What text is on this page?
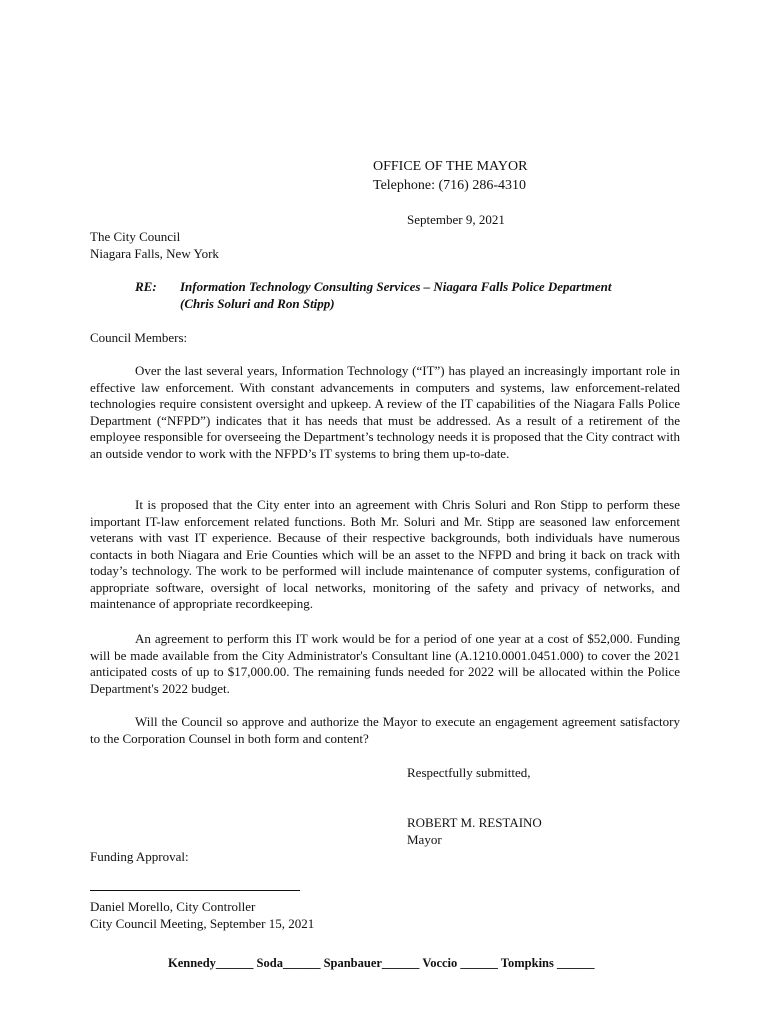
OFFICE OF THE MAYOR
Telephone: (716) 286-4310
September 9, 2021
The City Council
Niagara Falls, New York
RE: Information Technology Consulting Services – Niagara Falls Police Department
(Chris Soluri and Ron Stipp)
Council Members:

Over the last several years, Information Technology (“IT”) has played an increasingly important role in effective law enforcement. With constant advancements in computers and systems, law enforcement-related technologies require consistent oversight and upkeep. A review of the IT capabilities of the Niagara Falls Police Department (“NFPD”) indicates that it has needs that must be addressed. As a result of a retirement of the employee responsible for overseeing the Department’s technology needs it is proposed that the City contract with an outside vendor to work with the NFPD’s IT systems to bring them up-to-date.

It is proposed that the City enter into an agreement with Chris Soluri and Ron Stipp to perform these important IT-law enforcement related functions. Both Mr. Soluri and Mr. Stipp are seasoned law enforcement veterans with vast IT experience. Because of their respective backgrounds, both individuals have numerous contacts in both Niagara and Erie Counties which will be an asset to the NFPD and bring it back on track with today’s technology. The work to be performed will include maintenance of computer systems, configuration of appropriate software, oversight of local networks, monitoring of the safety and privacy of networks, and maintenance of appropriate recordkeeping.

An agreement to perform this IT work would be for a period of one year at a cost of $52,000. Funding will be made available from the City Administrator's Consultant line (A.1210.0001.0451.000) to cover the 2021 anticipated costs of up to $17,000.00. The remaining funds needed for 2022 will be allocated within the Police Department's 2022 budget.

Will the Council so approve and authorize the Mayor to execute an engagement agreement satisfactory to the Corporation Counsel in both form and content?

Respectfully submitted,
ROBERT M. RESTAINO
Mayor
Funding Approval:
Daniel Morello, City Controller
City Council Meeting, September 15, 2021
Kennedy______ Soda______ Spanbauer______ Voccio ______ Tompkins ______
